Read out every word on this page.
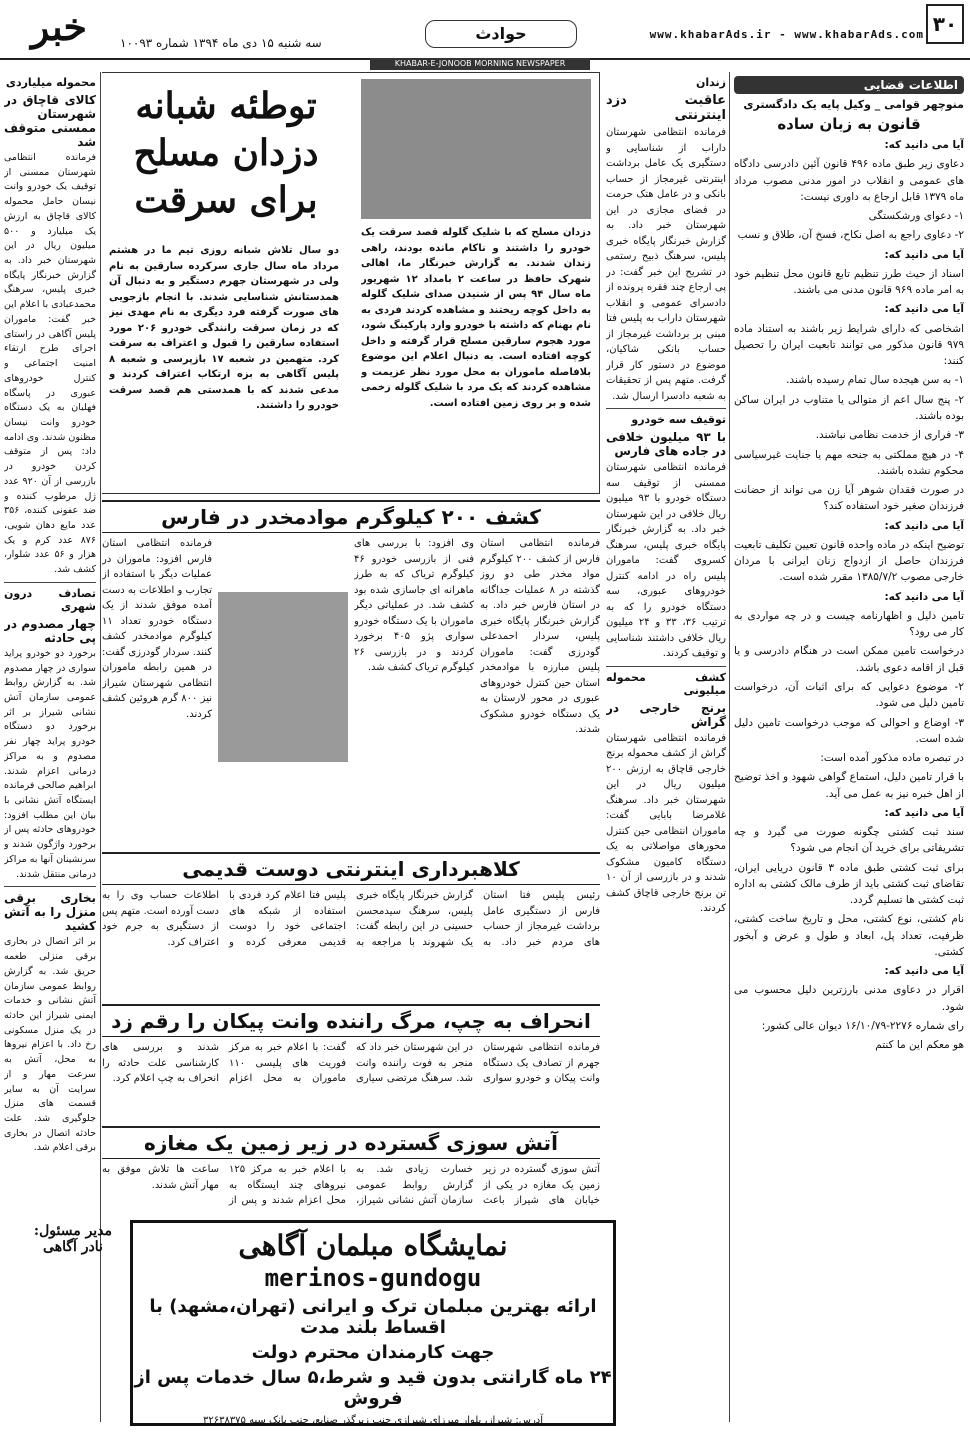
۳۰
www.khabarAds.ir - www.khabarAds.com
حوادث
سه شنبه ۱۵ دی ماه ۱۳۹۴ شماره ۱۰۰۹۳
خبر
KHABAR-E-JONOOB MORNING NEWSPAPER
اطلاعات قضایی
منوچهر قوامی _ وکیل پایه یک دادگستری
قانون به زبان ساده
آیا می دانید که:
دعاوی زیر طبق ماده ۴۹۶ قانون آئین دادرسی دادگاه های عمومی و انقلاب در امور مدنی مصوب مرداد ماه ۱۳۷۹ قابل ارجاع به داوری نیست:
۱- دعوای ورشکستگی
۲- دعاوی راجع به اصل نکاح، فسخ آن، طلاق و نسب
آیا می دانید که:
اسناد از حیث طرز تنظیم تابع قانون محل تنظیم خود به امر ماده ۹۶۹ قانون مدنی می باشند.
آیا می دانید که:
اشخاصی که دارای شرایط زیر باشند به استناد ماده ۹۷۹ قانون مذکور می توانند تابعیت ایران را تحصیل کنند:
۱- به سن هیجده سال تمام رسیده باشند.
۲- پنج سال اعم از متوالی یا متناوب در ایران ساکن بوده باشند.
۳- فراری از خدمت نظامی نباشند.
۴- در هیچ مملکتی به جنحه مهم یا جنایت غیرسیاسی محکوم نشده باشند.
در صورت فقدان شوهر آیا زن می تواند از حضانت فرزندان صغیر خود استفاده کند؟
آیا می دانید که:
توضیح اینکه در ماده واحده قانون تعیین تکلیف تابعیت فرزندان حاصل از ازدواج زنان ایرانی با مردان خارجی مصوب ۱۳۸۵/۷/۲ مقرر شده است.
آیا می دانید که:
تامین دلیل و اظهارنامه چیست و در چه مواردی به کار می رود؟
درخواست تامین ممکن است در هنگام دادرسی و یا قبل از اقامه دعوی باشد.
۲- موضوع دعوایی که برای اثبات آن، درخواست تامین دلیل می شود.
۳- اوضاع و احوالی که موجب درخواست تامین دلیل شده است.
در تبصره ماده مذکور آمده است:
با قرار تامین دلیل، استماع گواهی شهود و اخذ توضیح از اهل خبره نیز به عمل می آید.
آیا می دانید که:
سند ثبت کشتی چگونه صورت می گیرد و چه تشریفاتی برای خرید آن انجام می شود؟
برای ثبت کشتی طبق ماده ۳ قانون دریایی ایران، تقاضای ثبت کشتی باید از طرف مالک کشتی به اداره ثبت کشتی ها تسلیم گردد.
نام کشتی، نوع کشتی، محل و تاریخ ساخت کشتی، ظرفیت، تعداد پل، ابعاد و طول و عرض و آبخور کشتی.
آیا می دانید که:
اقرار در دعاوی مدنی بارزترین دلیل محسوب می شود.
رای شماره ۲۲۷۶-۱۶/۱۰/۷۹ دیوان عالی کشور:
هو معکم این ما کنتم
زندان
عاقبت دزد اینترنتی
فرمانده انتظامی شهرستان داراب از شناسایی و دستگیری یک عامل برداشت اینترنتی غیرمجاز از حساب بانکی و در عامل هتک حرمت در فضای مجازی در این شهرستان خبر داد. به گزارش خبرنگار پایگاه خبری پلیس، سرهنگ ذبیح رستمی در تشریح این خبر گفت: در پی ارجاع چند فقره پرونده از دادسرای عمومی و انقلاب شهرستان داراب به پلیس فتا مبنی بر برداشت غیرمجاز از حساب بانکی شاکیان، موضوع در دستور کار قرار گرفت. متهم پس از تحقیقات به شعبه دادسرا ارسال شد.
توقیف سه خودرو
با ۹۳ میلیون خلافی در جاده های فارس
فرمانده انتظامی شهرستان ممسنی از توقیف سه دستگاه خودرو با ۹۳ میلیون ریال خلافی در این شهرستان خبر داد. به گزارش خبرنگار پایگاه خبری پلیس، سرهنگ کسروی گفت: ماموران پلیس راه در ادامه کنترل خودروهای عبوری، سه دستگاه خودرو را که به ترتیب ۳۶، ۳۳ و ۲۴ میلیون ریال خلافی داشتند شناسایی و توقیف کردند.
کشف محموله میلیونی
برنج خارجی در گراش
فرمانده انتظامی شهرستان گراش از کشف محموله برنج خارجی قاچاق به ارزش ۲۰۰ میلیون ریال در این شهرستان خبر داد. سرهنگ غلامرضا بابایی گفت: ماموران انتظامی حین کنترل محورهای مواصلاتی به یک دستگاه کامیون مشکوک شدند و در بازرسی از آن ۱۰ تن برنج خارجی قاچاق کشف کردند.
توطئه شبانه دزدان مسلح برای سرقت
دزدان مسلح که با شلیک گلوله قصد سرقت یک خودرو را داشتند و ناکام مانده بودند، راهی زندان شدند. به گزارش خبرنگار ما، اهالی شهرک حافظ در ساعت ۲ بامداد ۱۲ شهریور ماه سال ۹۴ پس از شنیدن صدای شلیک گلوله به داخل کوچه ریختند و مشاهده کردند فردی به نام بهنام که داشته با خودرو وارد پارکینگ شود، مورد هجوم سارقین مسلح قرار گرفته و داخل کوچه افتاده است. به دنبال اعلام این موضوع بلافاصله ماموران به محل مورد نظر عزیمت و مشاهده کردند که یک مرد با شلیک گلوله زخمی شده و بر روی زمین افتاده است.
دو سال تلاش شبانه روزی تیم ما در هشتم مرداد ماه سال جاری سرکرده سارقین به نام ولی در شهرستان جهرم دستگیر و به دنبال آن همدستانش شناسایی شدند. با انجام بازجویی های صورت گرفته فرد دیگری به نام مهدی نیز که در زمان سرقت رانندگی خودرو ۲۰۶ مورد استفاده سارقین را قبول و اعتراف به سرقت کرد. متهمین در شعبه ۱۷ بازپرسی و شعبه ۸ پلیس آگاهی به بزه ارتکاب اعتراف کردند و مدعی شدند که با همدستی هم قصد سرقت خودرو را داشتند.
کشف ۲۰۰ کیلوگرم موادمخدر در فارس
فرمانده انتظامی استان فارس از کشف ۲۰۰ کیلوگرم مواد مخدر طی دو روز گذشته در ۸ عملیات جداگانه در استان فارس خبر داد. به گزارش خبرنگار پایگاه خبری پلیس، سردار احمدعلی گودرزی گفت: ماموران پلیس مبارزه با موادمخدر استان حین کنترل خودروهای عبوری در محور لارستان به یک دستگاه خودرو مشکوک شدند.
وی افزود: با بررسی های فنی از بازرسی خودرو ۴۶ کیلوگرم تریاک که به طرز ماهرانه ای جاسازی شده بود کشف شد. در عملیاتی دیگر ماموران با یک دستگاه خودرو سواری پژو ۴۰۵ برخورد کردند و در بازرسی ۲۶ کیلوگرم تریاک کشف شد.
فرمانده انتظامی استان فارس افزود: ماموران در عملیات دیگر با استفاده از تجارب و اطلاعات به دست آمده موفق شدند از یک دستگاه خودرو تعداد ۱۱ کیلوگرم موادمخدر کشف کنند. سردار گودرزی گفت: در همین رابطه ماموران انتظامی شهرستان شیراز نیز ۸۰۰ گرم هروئین کشف کردند.
کلاهبرداری اینترنتی دوست قدیمی
رئیس پلیس فتا استان فارس از دستگیری عامل برداشت غیرمجاز از حساب های مردم خبر داد. به گزارش خبرنگار پایگاه خبری پلیس، سرهنگ سیدمحسن حسینی در این رابطه گفت: یک شهروند با مراجعه به پلیس فتا اعلام کرد فردی با استفاده از شبکه های اجتماعی خود را دوست قدیمی معرفی کرده و اطلاعات حساب وی را به دست آورده است. متهم پس از دستگیری به جرم خود اعتراف کرد.
انحراف به چپ، مرگ راننده وانت پیکان را رقم زد
فرمانده انتظامی شهرستان جهرم از تصادف یک دستگاه وانت پیکان و خودرو سواری در این شهرستان خبر داد که منجر به فوت راننده وانت شد. سرهنگ مرتضی سیاری گفت: با اعلام خبر به مرکز فوریت های پلیسی ۱۱۰ ماموران به محل اعزام شدند و بررسی های کارشناسی علت حادثه را انحراف به چپ اعلام کرد.
آتش سوزی گسترده در زیر زمین یک مغازه
آتش سوزی گسترده در زیر زمین یک مغازه در یکی از خیابان های شیراز باعث خسارت زیادی شد. به گزارش روابط عمومی سازمان آتش نشانی شیراز، با اعلام خبر به مرکز ۱۲۵ نیروهای چند ایستگاه به محل اعزام شدند و پس از ساعت ها تلاش موفق به مهار آتش شدند.
محموله میلیاردی
کالای قاچاق در شهرستان ممسنی متوقف شد
فرمانده انتظامی شهرستان ممسنی از توقیف یک خودرو وانت نیسان حامل محموله کالای قاچاق به ارزش یک میلیارد و ۵۰۰ میلیون ریال در این شهرستان خبر داد. به گزارش خبرنگار پایگاه خبری پلیس، سرهنگ محمدعبادی با اعلام این خبر گفت: ماموران پلیس آگاهی در راستای اجرای طرح ارتقاء امنیت اجتماعی و کنترل خودروهای عبوری در پاسگاه فهلیان به یک دستگاه خودرو وانت نیسان مظنون شدند. وی ادامه داد: پس از متوقف کردن خودرو در بازرسی از آن ۹۲۰ عدد ژل مرطوب کننده و ضد عفونی کننده، ۳۵۶ عدد مایع دهان شویی، ۸۷۶ عدد کرم و یک هزار و ۵۶ عدد شلوار، کشف شد.
تصادف درون شهری
چهار مصدوم در پی حادثه
برخورد دو خودرو پراید سواری در چهار مصدوم شد. به گزارش روابط عمومی سازمان آتش نشانی شیراز بر اثر برخورد دو دستگاه خودرو پراید چهار نفر مصدوم و به مراکز درمانی اعزام شدند. ابراهیم صالحی فرمانده ایستگاه آتش نشانی با بیان این مطلب افزود: خودروهای حادثه پس از برخورد واژگون شدند و سرنشینان آنها به مراکز درمانی منتقل شدند.
بخاری برقی منزل را به آتش کشید
بر اثر اتصال در بخاری برقی منزلی طعمه حریق شد. به گزارش روابط عمومی سازمان آتش نشانی و خدمات ایمنی شیراز این حادثه در یک منزل مسکونی رخ داد. با اعزام نیروها به محل، آتش به سرعت مهار و از سرایت آن به سایر قسمت های منزل جلوگیری شد. علت حادثه اتصال در بخاری برقی اعلام شد.
نمایشگاه مبلمان آگاهی
merinos-gundogu
ارائه بهترین مبلمان ترک و ایرانی (تهران،مشهد) با اقساط بلند مدت
جهت کارمندان محترم دولت
۲۴ ماه گارانتی بدون قید و شرط،۵ سال خدمات پس از فروش
آدرس: شیراز، بلوار میرزای شیرازی جنب زیرگذر صنایع، جنب بانک سپه ۳۲۶۳۸۳۷۵
مدیر مسئول: نادر آگاهی
